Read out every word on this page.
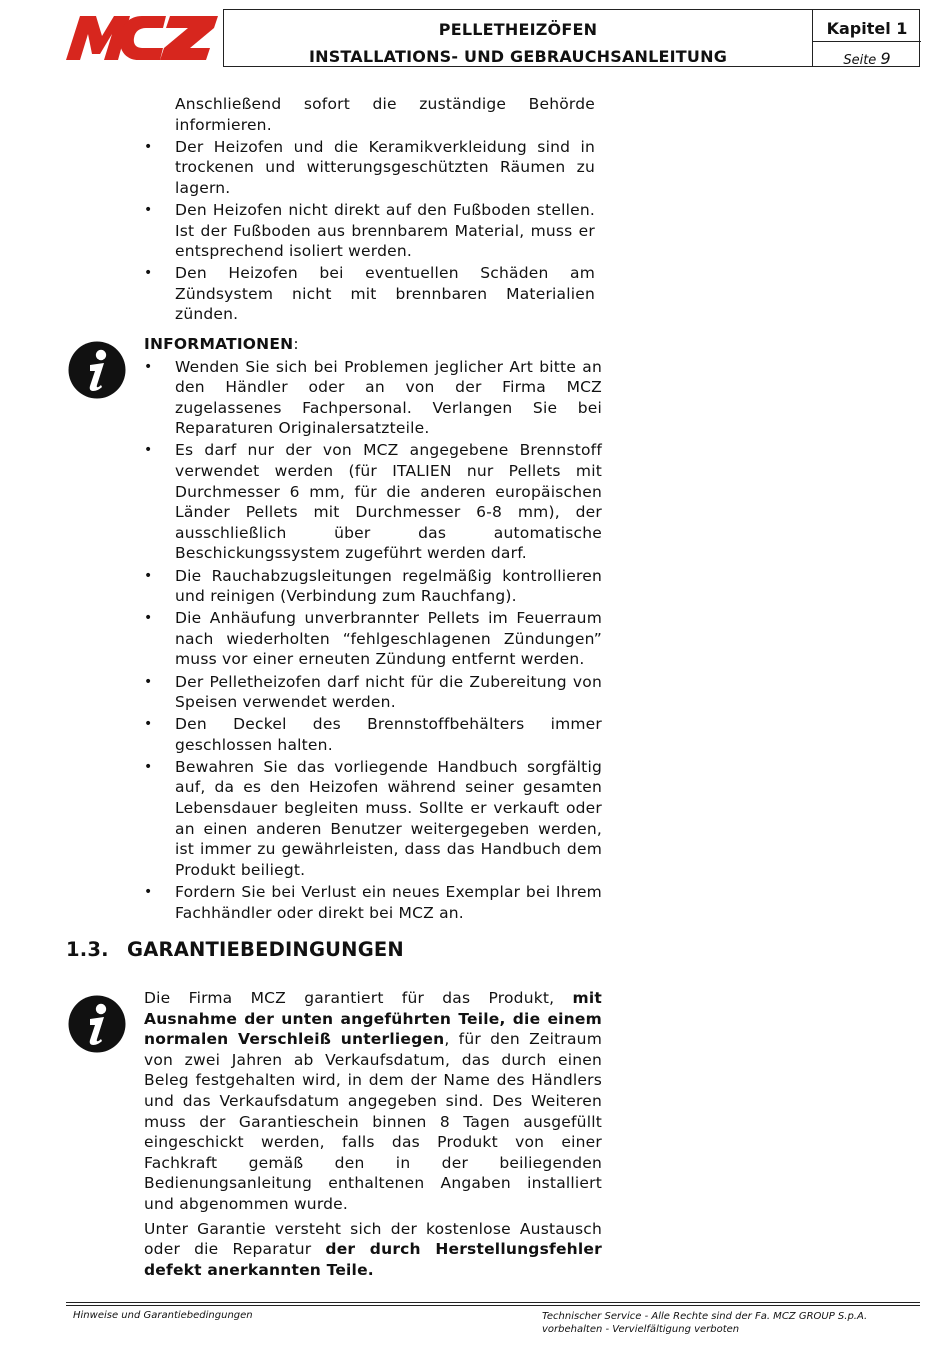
PELLETHEIZÖFEN
INSTALLATIONS- UND GEBRAUCHSANLEITUNG
Kapitel 1
Seite 9
Anschließend sofort die zuständige Behörde informieren.
• Der Heizofen und die Keramikverkleidung sind in trockenen und witterungsgeschützten Räumen zu lagern.
• Den Heizofen nicht direkt auf den Fußboden stellen. Ist der Fußboden aus brennbarem Material, muss er entsprechend isoliert werden.
• Den Heizofen bei eventuellen Schäden am Zündsystem nicht mit brennbaren Materialien zünden.
INFORMATIONEN:
• Wenden Sie sich bei Problemen jeglicher Art bitte an den Händler oder an von der Firma MCZ zugelassenes Fachpersonal. Verlangen Sie bei Reparaturen Originalersatzteile.
• Es darf nur der von MCZ angegebene Brennstoff verwendet werden (für ITALIEN nur Pellets mit Durchmesser 6 mm, für die anderen europäischen Länder Pellets mit Durchmesser 6-8 mm), der ausschließlich über das automatische Beschickungssystem zugeführt werden darf.
• Die Rauchabzugsleitungen regelmäßig kontrollieren und reinigen (Verbindung zum Rauchfang).
• Die Anhäufung unverbrannter Pellets im Feuerraum nach wiederholten “fehlgeschlagenen Zündungen” muss vor einer erneuten Zündung entfernt werden.
• Der Pelletheizofen darf nicht für die Zubereitung von Speisen verwendet werden.
• Den Deckel des Brennstoffbehälters immer geschlossen halten.
• Bewahren Sie das vorliegende Handbuch sorgfältig auf, da es den Heizofen während seiner gesamten Lebensdauer begleiten muss. Sollte er verkauft oder an einen anderen Benutzer weitergegeben werden, ist immer zu gewährleisten, dass das Handbuch dem Produkt beiliegt.
• Fordern Sie bei Verlust ein neues Exemplar bei Ihrem Fachhändler oder direkt bei MCZ an.
1.3. GARANTIEBEDINGUNGEN

Die Firma MCZ garantiert für das Produkt, mit Ausnahme der unten angeführten Teile, die einem normalen Verschleiß unterliegen, für den Zeitraum von zwei Jahren ab Verkaufsdatum, das durch einen Beleg festgehalten wird, in dem der Name des Händlers und das Verkaufsdatum angegeben sind. Des Weiteren muss der Garantieschein binnen 8 Tagen ausgefüllt eingeschickt werden, falls das Produkt von einer Fachkraft gemäß den in der beiliegenden Bedienungsanleitung enthaltenen Angaben installiert und abgenommen wurde.

Unter Garantie versteht sich der kostenlose Austausch oder die Reparatur der durch Herstellungsfehler defekt anerkannten Teile.

Hinweise und Garantiebedingungen	Technischer Service - Alle Rechte sind der Fa. MCZ GROUP S.p.A. vorbehalten - Vervielfältigung verboten
